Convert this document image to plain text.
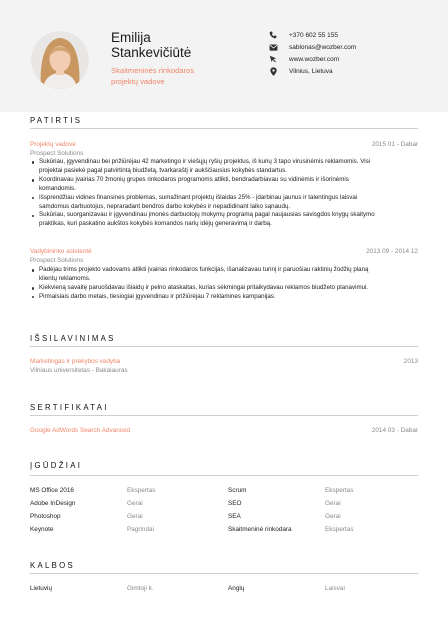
Emilija
Stankevičiūtė
Skaitmeninės rinkodaros
projektų vadovė
+370 602 55 155
sablonas@wozber.com
www.wozber.com
Vilnius, Lietuva
PATIRTIS
Projektų vadovė	2015 01 - Dabar
Prospect Solutions
Sukūriau, įgyvendinau bei prižiūrėjau 42 marketingo ir viešųjų ryšių projektus, iš kurių 3 tapo virusinėmis reklamomis. Visi
projektai pasiekė pagal patvirtintą biudžetą, tvarkaraštį ir aukščiausius kokybės standartus.
Koordinavau įvairias 70 žmonių grupes rinkodaros programoms atlikti, bendradarbiavau su vidinėmis ir išorinėmis
komandomis.
Išsprendžiau vidines finansines problemas, sumažinant projektų išlaidas 25% - įdarbinau jaunus ir talentingus laisvai
samdomus darbuotojus, nepraradant bendros darbo kokybės ir nepadidinant laiko sąnaudų.
Sukūriau, suorganizavau ir įgyvendinau įmonės darbuotojų mokymų programą pagal naujausias savisgdos knygų skaitymo
praktikas, kuri paskatino aukštos kokybės komandos narių idėjų generavimą ir darbą.
Vadybininko asistentė	2013 09 - 2014 12
Prospect Solutions
Padėjau trims projekto vadovams atlikti įvairias rinkodaros funkcijas, išanalizavau turinį ir paruošiau raktinių žodžių planą
klientų reklamoms.
Kiekvieną savaitę paruošdavau išlaidų ir pelno ataskaitas, kurias sėkmingai pritaikydavau reklamos biudžeto planavimui.
Pirmaisiais darbo metais, tiesiogiai įgyvendinau ir prižiūrėjau 7 reklamines kampanijas.
IŠSILAVINIMAS
Marketingas ir prekybos vadyba	2013
Vilniaus universitetas - Bakalauras
SERTIFIKATAI
Google AdWords Search Advanced	2014 03 - Dabar
ĮGŪDŽIAI
MS Office 2016	Ekspertas	Scrum	Ekspertas
Adobe InDesign	Gerai	SEO	Gerai
Photoshop	Gerai	SEA	Gerai
Keynote	Pagrindai	Skaitmeninė rinkodara	Ekspertas
KALBOS
Lietuvių	Gimtoji k.	Anglų	Laisvai
